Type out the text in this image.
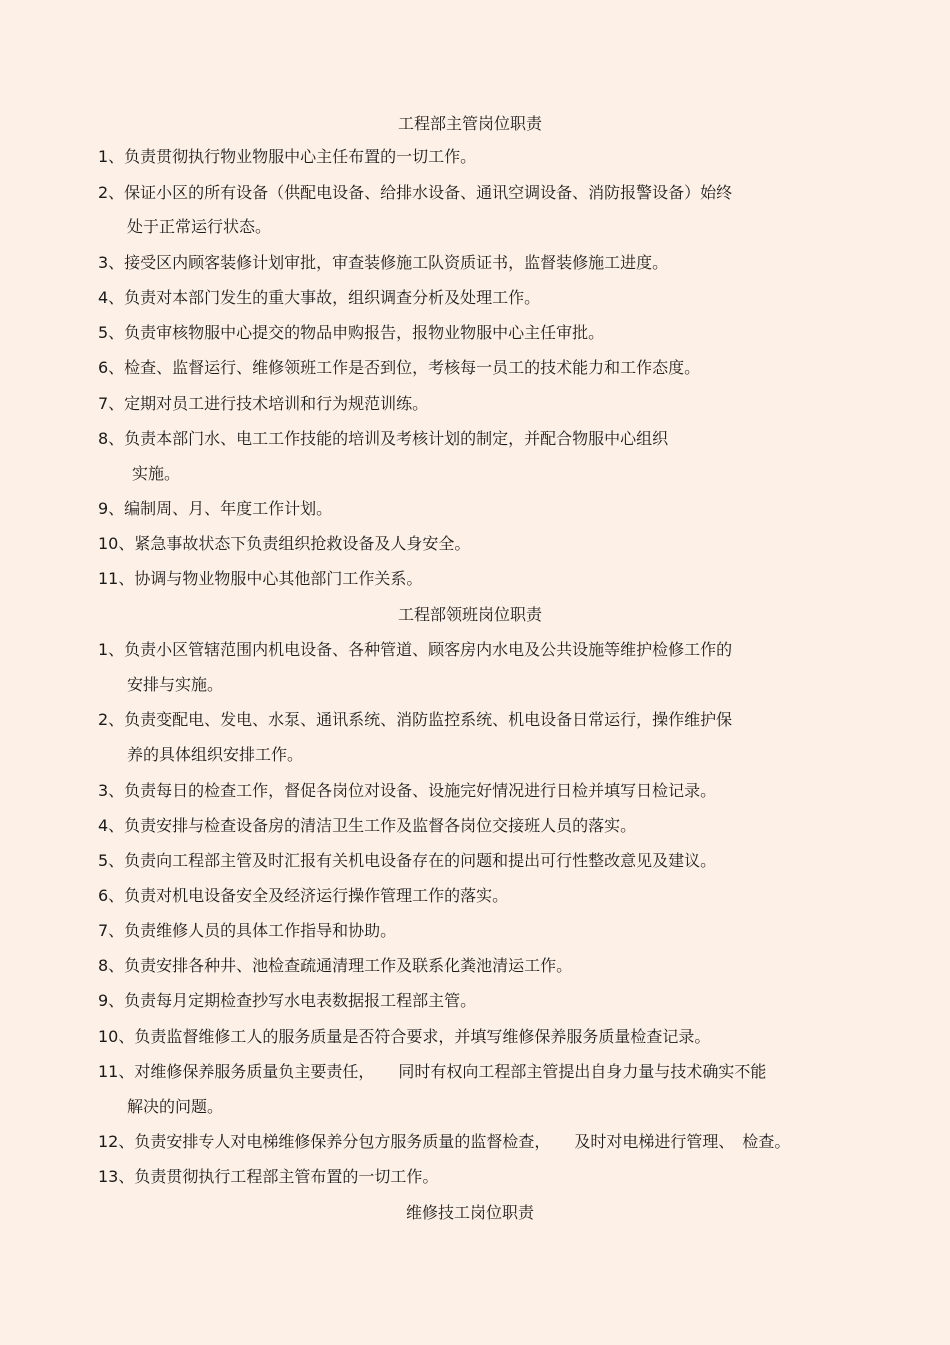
工程部主管岗位职责
1、负责贯彻执行物业物服中心主任布置的一切工作。
2、保证小区的所有设备（供配电设备、给排水设备、通讯空调设备、消防报警设备）始终
处于正常运行状态。
3、接受区内顾客装修计划审批，审查装修施工队资质证书，监督装修施工进度。
4、负责对本部门发生的重大事故，组织调查分析及处理工作。
5、负责审核物服中心提交的物品申购报告，报物业物服中心主任审批。
6、检查、监督运行、维修领班工作是否到位，考核每一员工的技术能力和工作态度。
7、定期对员工进行技术培训和行为规范训练。
8、负责本部门水、电工工作技能的培训及考核计划的制定，并配合物服中心组织
实施。
9、编制周、月、年度工作计划。
10、紧急事故状态下负责组织抢救设备及人身安全。
11、协调与物业物服中心其他部门工作关系。
工程部领班岗位职责
1、负责小区管辖范围内机电设备、各种管道、顾客房内水电及公共设施等维护检修工作的
安排与实施。
2、负责变配电、发电、水泵、通讯系统、消防监控系统、机电设备日常运行，操作维护保
养的具体组织安排工作。
3、负责每日的检查工作，督促各岗位对设备、设施完好情况进行日检并填写日检记录。
4、负责安排与检查设备房的清洁卫生工作及监督各岗位交接班人员的落实。
5、负责向工程部主管及时汇报有关机电设备存在的问题和提出可行性整改意见及建议。
6、负责对机电设备安全及经济运行操作管理工作的落实。
7、负责维修人员的具体工作指导和协助。
8、负责安排各种井、池检查疏通清理工作及联系化粪池清运工作。
9、负责每月定期检查抄写水电表数据报工程部主管。
10、负责监督维修工人的服务质量是否符合要求，并填写维修保养服务质量检查记录。
11、对维修保养服务质量负主要责任，　　同时有权向工程部主管提出自身力量与技术确实不能
解决的问题。
12、负责安排专人对电梯维修保养分包方服务质量的监督检查，　　及时对电梯进行管理、　检查。
13、负责贯彻执行工程部主管布置的一切工作。
维修技工岗位职责
